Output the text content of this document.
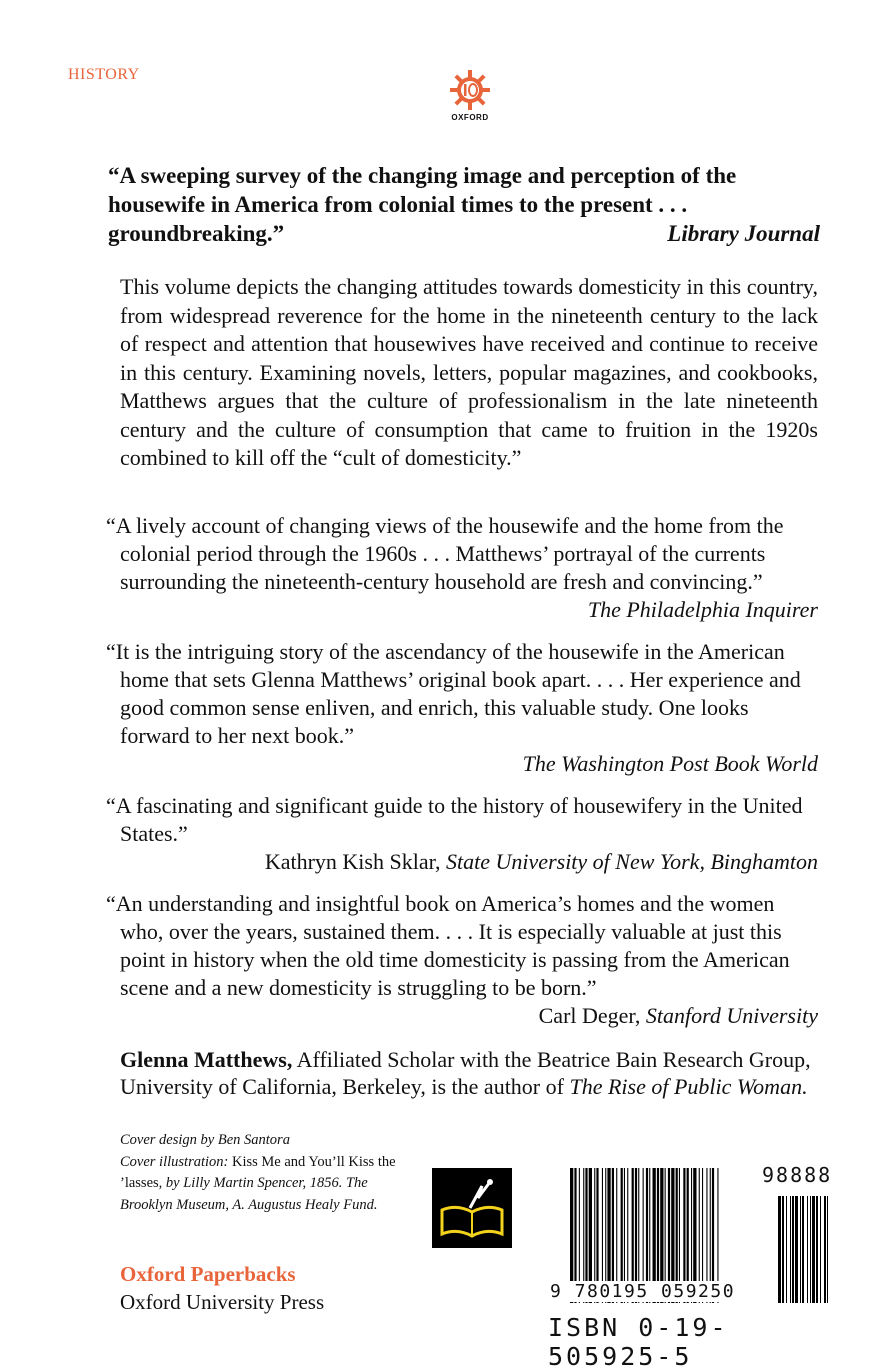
HISTORY
OXFORD
“A sweeping survey of the changing image and perception of the housewife in America from colonial times to the present . . . groundbreaking.”	Library Journal
This volume depicts the changing attitudes towards domesticity in this country, from widespread reverence for the home in the nineteenth century to the lack of respect and attention that housewives have received and continue to receive in this century. Examining novels, letters, popular magazines, and cookbooks, Matthews argues that the culture of professionalism in the late nineteenth century and the culture of consumption that came to fruition in the 1920s combined to kill off the “cult of domesticity.”

“A lively account of changing views of the housewife and the home from the colonial period through the 1960s . . . Matthews’ portrayal of the currents surrounding the nineteenth-century household are fresh and convincing.”
The Philadelphia Inquirer

“It is the intriguing story of the ascendancy of the housewife in the American home that sets Glenna Matthews’ original book apart. . . . Her experience and good common sense enliven, and enrich, this valuable study. One looks forward to her next book.”

The Washington Post Book World

“A fascinating and significant guide to the history of housewifery in the United States.”

Kathryn Kish Sklar, State University of New York, Binghamton

“An understanding and insightful book on America’s homes and the women who, over the years, sustained them. . . . It is especially valuable at just this point in history when the old time domesticity is passing from the American scene and a new domesticity is struggling to be born.”
Carl Deger, Stanford University

Glenna Matthews, Affiliated Scholar with the Beatrice Bain Research Group, University of California, Berkeley, is the author of The Rise of Public Woman.
Cover design by Ben Santora
Cover illustration: Kiss Me and You’ll Kiss the ’lasses, by Lilly Martin Spencer, 1856. The Brooklyn Museum, A. Augustus Healy Fund.
98888
9 780195 059250
ISBN 0-19-505925-5
Oxford Paperbacks
Oxford University Press
